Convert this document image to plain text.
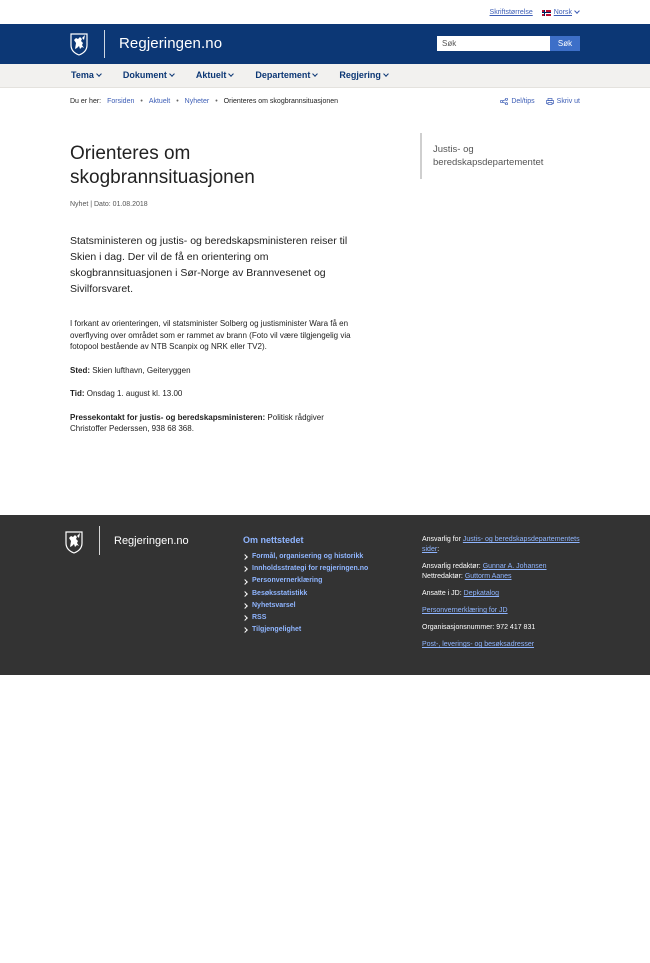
Skriftstørrelse	Norsk
Regjeringen.no
Søk	Søk
Tema	Dokument	Aktuelt	Departement	Regjering
Du er her: Forsiden • Aktuelt • Nyheter • Orienteres om skogbrannsituasjonen	Del/tips	Skriv ut
Orienteres om skogbrannsituasjonen
Nyhet | Dato: 01.08.2018
Statsministeren og justis- og beredskapsministeren reiser til Skien i dag. Der vil de få en orientering om skogbrannsituasjonen i Sør-Norge av Brannvesenet og Sivilforsvaret.

I forkant av orienteringen, vil statsminister Solberg og justisminister Wara få en overflyving over området som er rammet av brann (Foto vil være tilgjengelig via fotopool bestående av NTB Scanpix og NRK eller TV2).

Sted: Skien lufthavn, Geiteryggen

Tid: Onsdag 1. august kl. 13.00

Pressekontakt for justis- og beredskapsministeren: Politisk rådgiver Christoffer Pederssen, 938 68 368.

Justis- og beredskapsdepartementet
Regjeringen.no	Om nettstedet
Formål, organisering og historikk
Innholdsstrategi for regjeringen.no
Personvernerklæring
Besøksstatistikk
Nyhetsvarsel
RSS
Tilgjengelighet

Ansvarlig for Justis- og beredskapsdepartementets sider:

Ansvarlig redaktør: Gunnar A. Johansen
Nettredaktør: Guttorm Aanes

Ansatte i JD: Depkatalog

Personvernerklæring for JD

Organisasjonsnummer: 972 417 831

Post-, leverings- og besøksadresser
